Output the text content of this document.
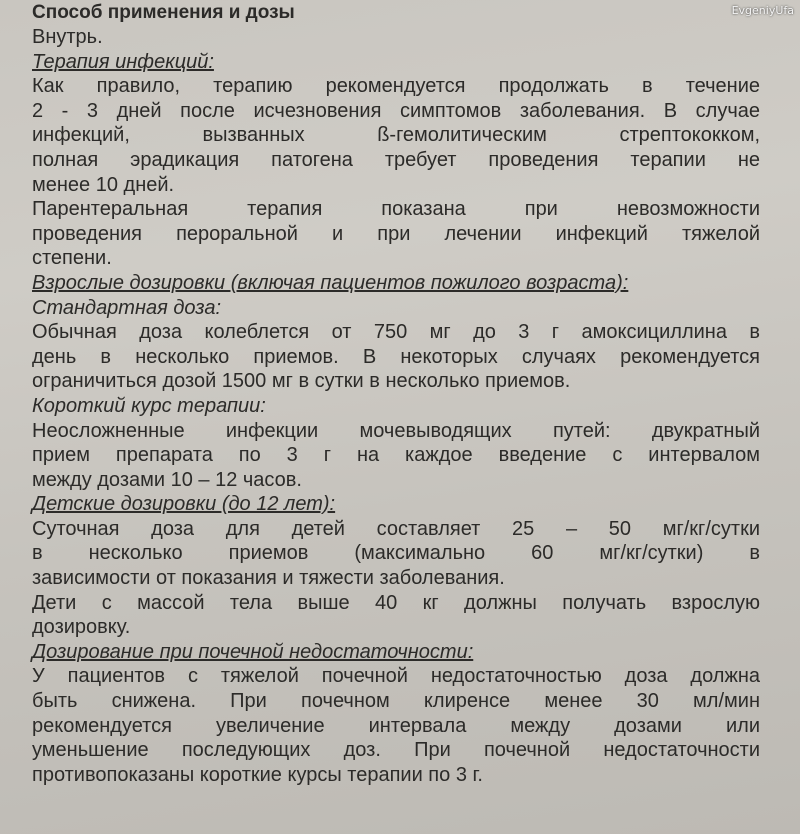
EvgeniyUfa

Способ применения и дозы

Внутрь.

Терапия инфекций:

Как правило, терапию рекомендуется продолжать в течение

2 - 3 дней после исчезновения симптомов заболевания. В случае

инфекций, вызванных ß-гемолитическим стрептококком,

полная эрадикация патогена требует проведения терапии не

менее 10 дней.

Парентеральная терапия показана при невозможности

проведения пероральной и при лечении инфекций тяжелой

степени.

Взрослые дозировки (включая пациентов пожилого возраста):

Стандартная доза:

Обычная доза колеблется от 750 мг до 3 г амоксициллина в

день в несколько приемов. В некоторых случаях рекомендуется

ограничиться дозой 1500 мг в сутки в несколько приемов.

Короткий курс терапии:

Неосложненные инфекции мочевыводящих путей: двукратный

прием препарата по 3 г на каждое введение с интервалом

между дозами 10 – 12 часов.

Детские дозировки (до 12 лет):

Суточная доза для детей составляет 25 – 50 мг/кг/сутки

в несколько приемов (максимально 60 мг/кг/сутки) в

зависимости от показания и тяжести заболевания.

Дети с массой тела выше 40 кг должны получать взрослую

дозировку.

Дозирование при почечной недостаточности:

У пациентов с тяжелой почечной недостаточностью доза должна

быть снижена. При почечном клиренсе менее 30 мл/мин

рекомендуется увеличение интервала между дозами или

уменьшение последующих доз. При почечной недостаточности

противопоказаны короткие курсы терапии по 3 г.
